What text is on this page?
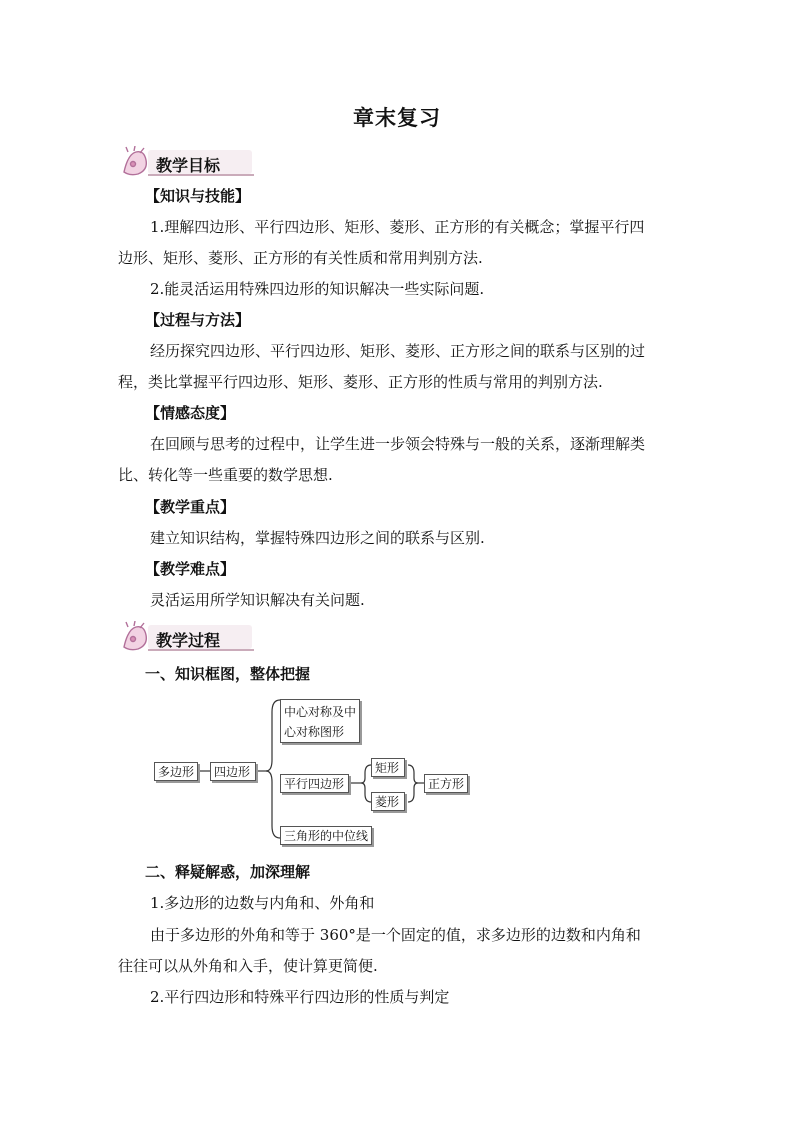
章末复习
教学目标
【知识与技能】
1.理解四边形、平行四边形、矩形、菱形、正方形的有关概念；掌握平行四
边形、矩形、菱形、正方形的有关性质和常用判别方法.
2.能灵活运用特殊四边形的知识解决一些实际问题.
【过程与方法】
经历探究四边形、平行四边形、矩形、菱形、正方形之间的联系与区别的过
程，类比掌握平行四边形、矩形、菱形、正方形的性质与常用的判别方法.
【情感态度】
在回顾与思考的过程中，让学生进一步领会特殊与一般的关系，逐渐理解类
比、转化等一些重要的数学思想.
【教学重点】
建立知识结构，掌握特殊四边形之间的联系与区别.
【教学难点】
灵活运用所学知识解决有关问题.
教学过程
一、知识框图，整体把握
多边形	四边形
中心对称及中
心对称图形
平行四边形
矩形
菱形
正方形
三角形的中位线
二、释疑解惑，加深理解
1.多边形的边数与内角和、外角和
由于多边形的外角和等于 360°是一个固定的值，求多边形的边数和内角和
往往可以从外角和入手，使计算更简便.
2.平行四边形和特殊平行四边形的性质与判定
